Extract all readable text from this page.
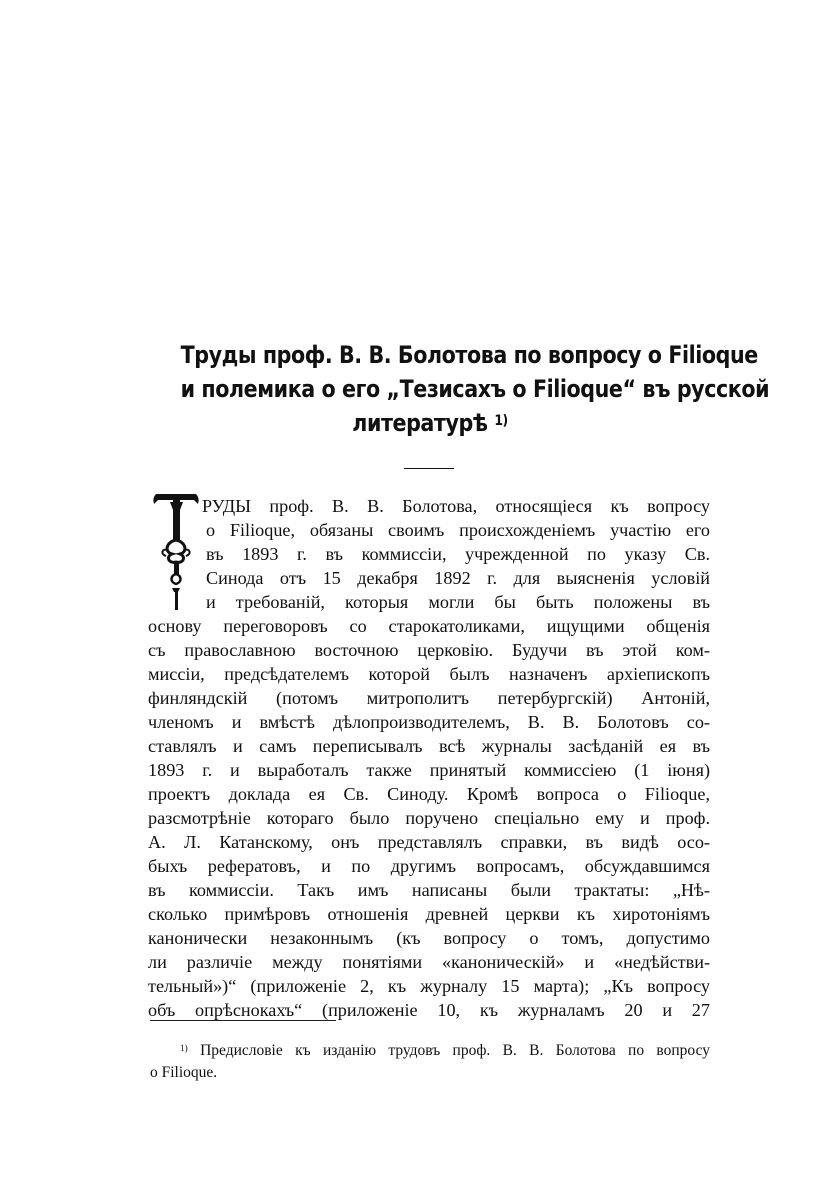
Труды проф. В. В. Болотова по вопросу о Filioque
и полемика о его „Тезисахъ о Filioque“ въ русской
литературѣ $^{1)}$
РУДЫ проф. В. В. Болотова, относящіеся къ вопросу
о Filioque, обязаны своимъ происхожденіемъ участію его
въ 1893 г. въ коммиссіи, учрежденной по указу Св.
Синода отъ 15 декабря 1892 г. для выясненія условій
и требованій, которыя могли бы быть положены въ
основу переговоровъ со старокатоликами, ищущими общенія
съ православною восточною церковію. Будучи въ этой ком-
миссіи, предсѣдателемъ которой былъ назначенъ архіепископъ
финляндскій (потомъ митрополитъ петербургскій) Антоній,
членомъ и вмѣстѣ дѣлопроизводителемъ, В. В. Болотовъ со-
ставлялъ и самъ переписывалъ всѣ журналы засѣданій ея въ
1893 г. и выработалъ также принятый коммиссіею (1 іюня)
проектъ доклада ея Св. Синоду. Кромѣ вопроса о Filioque,
разсмотрѣніе котораго было поручено спеціально ему и проф.
А. Л. Катанскому, онъ представлялъ справки, въ видѣ осо-
быхъ рефератовъ, и по другимъ вопросамъ, обсуждавшимся
въ коммиссіи. Такъ имъ написаны были трактаты: „Нѣ-
сколько примѣровъ отношенія древней церкви къ хиротоніямъ
канонически незаконнымъ (къ вопросу о томъ, допустимо
ли различіе между понятіями «каноническій» и «недѣйстви-
тельный»)“ (приложеніе 2, къ журналу 15 марта); „Къ вопросу
объ опрѣснокахъ“ (приложеніе 10, къ журналамъ 20 и 27
$^{1)}$ Предисловіе къ изданію трудовъ проф. В. В. Болотова по вопросу
о Filioque.
